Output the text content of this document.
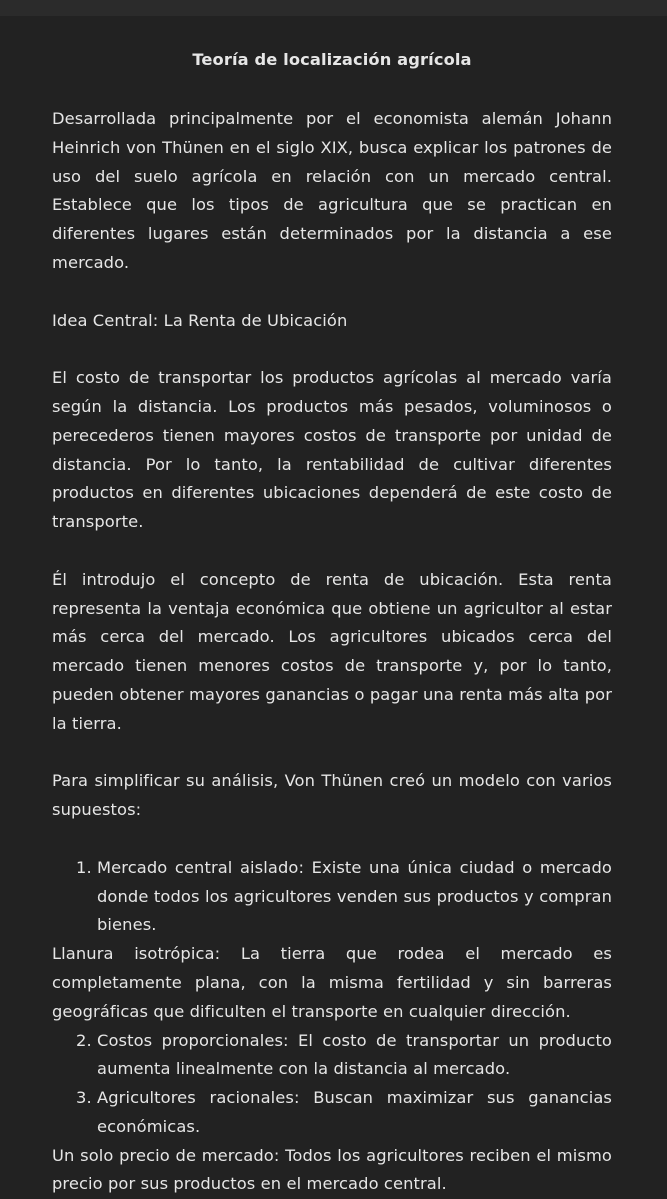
Teoría de localización agrícola

Desarrollada principalmente por el economista alemán Johann Heinrich von Thünen en el siglo XIX, busca explicar los patrones de uso del suelo agrícola en relación con un mercado central. Establece que los tipos de agricultura que se practican en diferentes lugares están determinados por la distancia a ese mercado.

Idea Central: La Renta de Ubicación

El costo de transportar los productos agrícolas al mercado varía según la distancia. Los productos más pesados, voluminosos o perecederos tienen mayores costos de transporte por unidad de distancia. Por lo tanto, la rentabilidad de cultivar diferentes productos en diferentes ubicaciones dependerá de este costo de transporte.

Él introdujo el concepto de renta de ubicación. Esta renta representa la ventaja económica que obtiene un agricultor al estar más cerca del mercado. Los agricultores ubicados cerca del mercado tienen menores costos de transporte y, por lo tanto, pueden obtener mayores ganancias o pagar una renta más alta por la tierra.

Para simplificar su análisis, Von Thünen creó un modelo con varios supuestos:

1. Mercado central aislado: Existe una única ciudad o mercado donde todos los agricultores venden sus productos y compran bienes.

Llanura isotrópica: La tierra que rodea el mercado es completamente plana, con la misma fertilidad y sin barreras geográficas que dificulten el transporte en cualquier dirección.

2. Costos proporcionales: El costo de transportar un producto aumenta linealmente con la distancia al mercado.
3. Agricultores racionales: Buscan maximizar sus ganancias económicas.

Un solo precio de mercado: Todos los agricultores reciben el mismo precio por sus productos en el mercado central.
